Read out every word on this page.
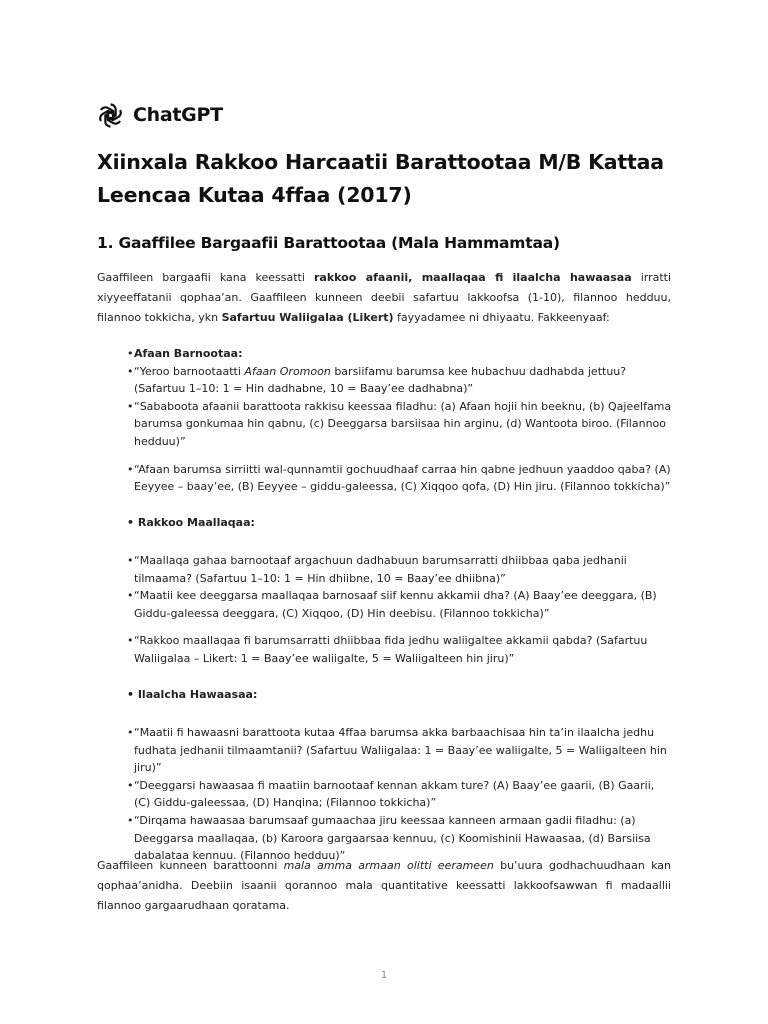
ChatGPT
Xiinxala Rakkoo Harcaatii Barattootaa M/B Kattaa Leencaa Kutaa 4ffaa (2017)
1. Gaaffilee Bargaafii Barattootaa (Mala Hammamtaa)

Gaaffileen bargaafii kana keessatti rakkoo afaanii, maallaqaa fi ilaalcha hawaasaa irratti xiyyeeffatanii qophaa’an. Gaaffileen kunneen deebii safartuu lakkoofsa (1-10), filannoo hedduu, filannoo tokkicha, ykn Safartuu Waliigalaa (Likert) fayyadamee ni dhiyaatu. Fakkeenyaaf:

•Afaan Barnootaa:
•“Yeroo barnootaatti Afaan Oromoon barsiifamu barumsa kee hubachuu dadhabda jettuu? (Safartuu 1–10: 1 = Hin dadhabne, 10 = Baay’ee dadhabna)”
•“Sababoota afaanii barattoota rakkisu keessaa filadhu: (a) Afaan hojii hin beeknu, (b) Qajeelfama barumsa gonkumaa hin qabnu, (c) Deeggarsa barsiisaa hin arginu, (d) Wantoota biroo. (Filannoo hedduu)”
•“Afaan barumsa sirriitti wal-qunnamtii gochuudhaaf carraa hin qabne jedhuun yaaddoo qaba? (A) Eeyyee – baay’ee, (B) Eeyyee – giddu-galeessa, (C) Xiqqoo qofa, (D) Hin jiru. (Filannoo tokkicha)”
• Rakkoo Maallaqaa:
•“Maallaqa gahaa barnootaaf argachuun dadhabuun barumsarratti dhiibbaa qaba jedhanii tilmaama? (Safartuu 1–10: 1 = Hin dhiibne, 10 = Baay’ee dhiibna)”
•“Maatii kee deeggarsa maallaqaa barnosaaf siif kennu akkamii dha? (A) Baay’ee deeggara, (B) Giddu-galeessa deeggara, (C) Xiqqoo, (D) Hin deebisu. (Filannoo tokkicha)”
•“Rakkoo maallaqaa fi barumsarratti dhiibbaa fida jedhu waliigaltee akkamii qabda? (Safartuu Waliigalaa – Likert: 1 = Baay’ee waliigalte, 5 = Waliigalteen hin jiru)”
• Ilaalcha Hawaasaa:
•“Maatii fi hawaasni barattoota kutaa 4ffaa barumsa akka barbaachisaa hin ta’in ilaalcha jedhu fudhata jedhanii tilmaamtanii? (Safartuu Waliigalaa: 1 = Baay’ee waliigalte, 5 = Waliigalteen hin jiru)”
•“Deeggarsi hawaasaa fi maatiin barnootaaf kennan akkam ture? (A) Baay’ee gaarii, (B) Gaarii, (C) Giddu-galeessaa, (D) Hanqina; (Filannoo tokkicha)”
•“Dirqama hawaasaa barumsaaf gumaachaa jiru keessaa kanneen armaan gadii filadhu: (a) Deeggarsa maallaqaa, (b) Karoora gargaarsaa kennuu, (c) Koomishinii Hawaasaa, (d) Barsiisa dabalataa kennuu. (Filannoo hedduu)”

Gaaffileen kunneen barattoonni mala amma armaan olitti eerameen bu’uura godhachuudhaan kan qophaa’anidha. Deebiin isaanii qorannoo mala quantitative keessatti lakkoofsawwan fi madaallii filannoo gargaarudhaan qoratama.

1
